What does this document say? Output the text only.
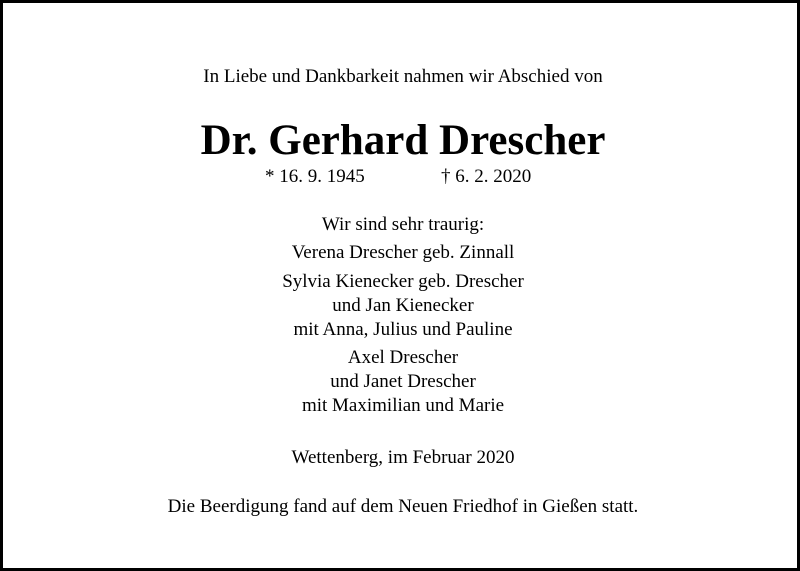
In Liebe und Dankbarkeit nahmen wir Abschied von
Dr. Gerhard Drescher
* 16. 9. 1945	† 6. 2. 2020
Wir sind sehr traurig:
Verena Drescher geb. Zinnall
Sylvia Kienecker geb. Drescher
und Jan Kienecker
mit Anna, Julius und Pauline
Axel Drescher
und Janet Drescher
mit Maximilian und Marie
Wettenberg, im Februar 2020
Die Beerdigung fand auf dem Neuen Friedhof in Gießen statt.
